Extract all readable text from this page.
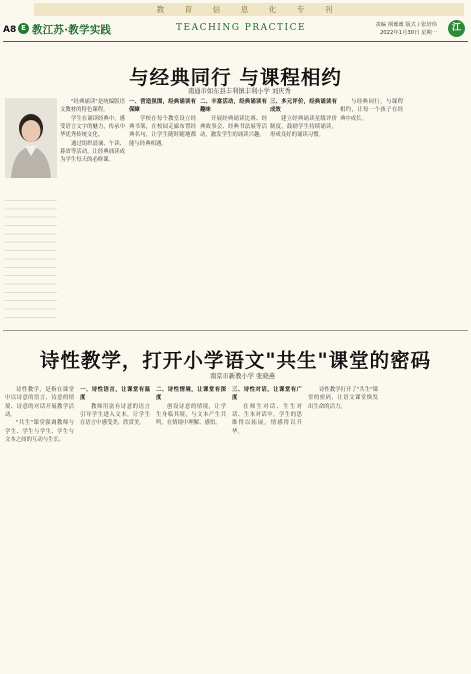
教 育 信 息 化 专 刊
A8 E 教江苏·教学实践	TEACHING PRACTICE	责编 荆谧谧 版式 / 张培伟
2022年1月30日 星期一	江
与经典同行 与课程相约
南通市如东县丰利镇丰利小学 刘庆秀

"经典诵读"是统编版语文教材的特色课程。

学生在诵读经典中，感受语言文字的魅力，传承中华优秀传统文化。

通过组织晨诵、午读、暮省等活动，让经典诵读成为学生每天的必修课。

一、营造氛围，经典诵读有保障

学校在每个教室设立经典书架，在校园走廊布置经典名句，让学生随时随地都能与经典相遇。

二、丰富活动，经典诵读有趣味

开展经典诵读比赛、经典故事会、经典书法展等活动，激发学生的诵读兴趣。

三、多元评价，经典诵读有成效

建立经典诵读星级评价制度，鼓励学生持续诵读，形成良好的诵读习惯。

与经典同行，与课程相约，让每一个孩子在经典中成长。

诗性教学，打开小学语文"共生"课堂的密码
南京市新教小学 张晓燕

诗性教学，是指在课堂中以诗意的语言、诗意的情境、诗意的对话开展教学活动。

"共生"课堂强调教师与学生、学生与学生、学生与文本之间的互动与生长。

一、诗性语言，让课堂有温度

教师用富有诗意的语言引导学生进入文本，让学生在语言中感受美、欣赏美。

二、诗性情境，让课堂有深度

创设诗意的情境，让学生身临其境，与文本产生共鸣，在情境中理解、感悟。

三、诗性对话，让课堂有广度

在师生对话、生生对话、生本对话中，学生的思维得以拓展，情感得以升华。

诗性教学打开了"共生"课堂的密码，让语文课堂焕发出生命的活力。
